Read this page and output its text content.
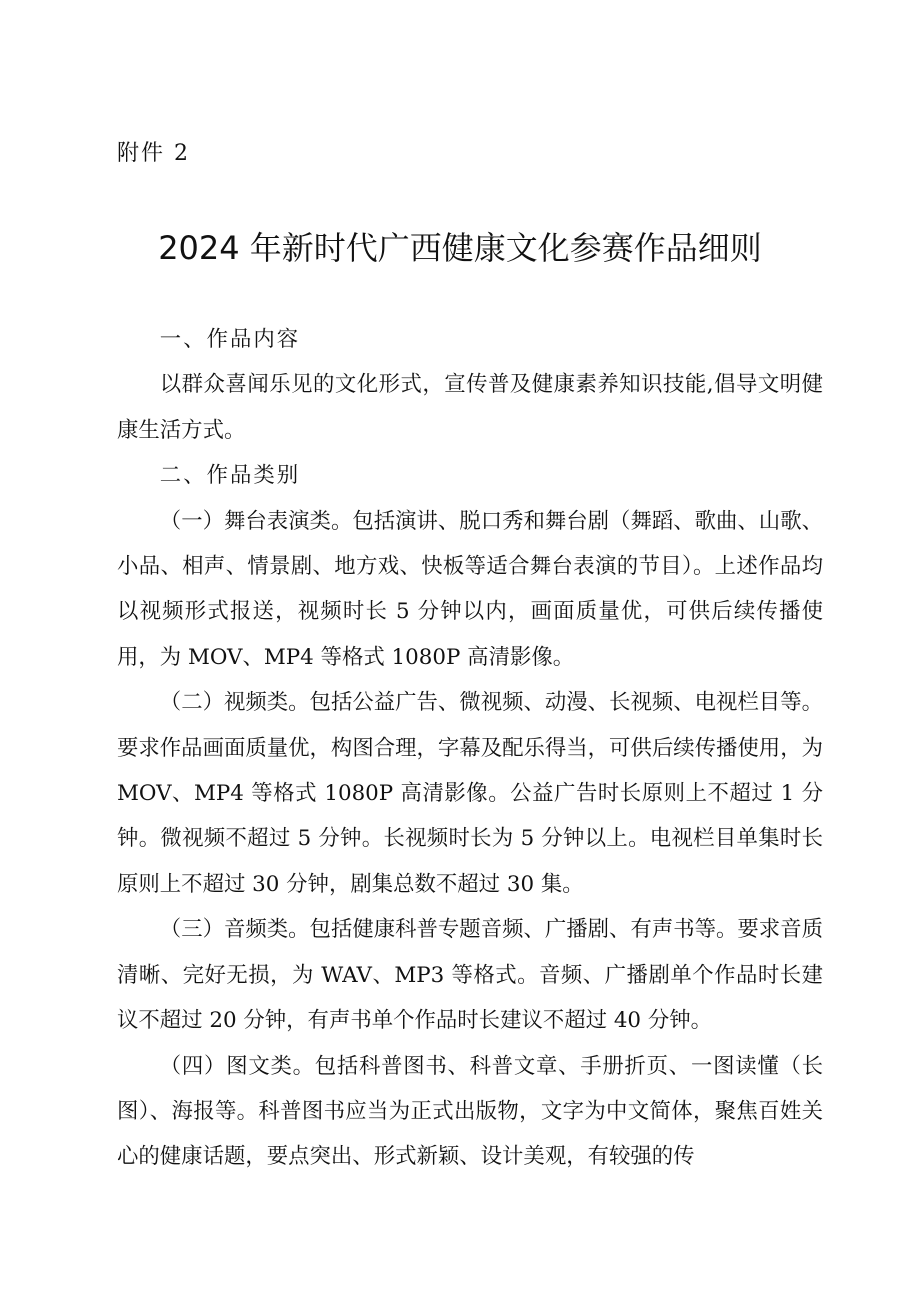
附件 2
2024 年新时代广西健康文化参赛作品细则

一、作品内容

以群众喜闻乐见的文化形式，宣传普及健康素养知识技能,倡导文明健康生活方式。

二、作品类别

（一）舞台表演类。包括演讲、脱口秀和舞台剧（舞蹈、歌曲、山歌、小品、相声、情景剧、地方戏、快板等适合舞台表演的节目）。上述作品均以视频形式报送，视频时长 5 分钟以内，画面质量优，可供后续传播使用，为 MOV、MP4 等格式 1080P 高清影像。

（二）视频类。包括公益广告、微视频、动漫、长视频、电视栏目等。要求作品画面质量优，构图合理，字幕及配乐得当，可供后续传播使用，为 MOV、MP4 等格式 1080P 高清影像。公益广告时长原则上不超过 1 分钟。微视频不超过 5 分钟。长视频时长为 5 分钟以上。电视栏目单集时长原则上不超过 30 分钟，剧集总数不超过 30 集。

（三）音频类。包括健康科普专题音频、广播剧、有声书等。要求音质清晰、完好无损，为 WAV、MP3 等格式。音频、广播剧单个作品时长建议不超过 20 分钟，有声书单个作品时长建议不超过 40 分钟。

（四）图文类。包括科普图书、科普文章、手册折页、一图读懂（长图）、海报等。科普图书应当为正式出版物，文字为中文简体，聚焦百姓关心的健康话题，要点突出、形式新颖、设计美观，有较强的传
